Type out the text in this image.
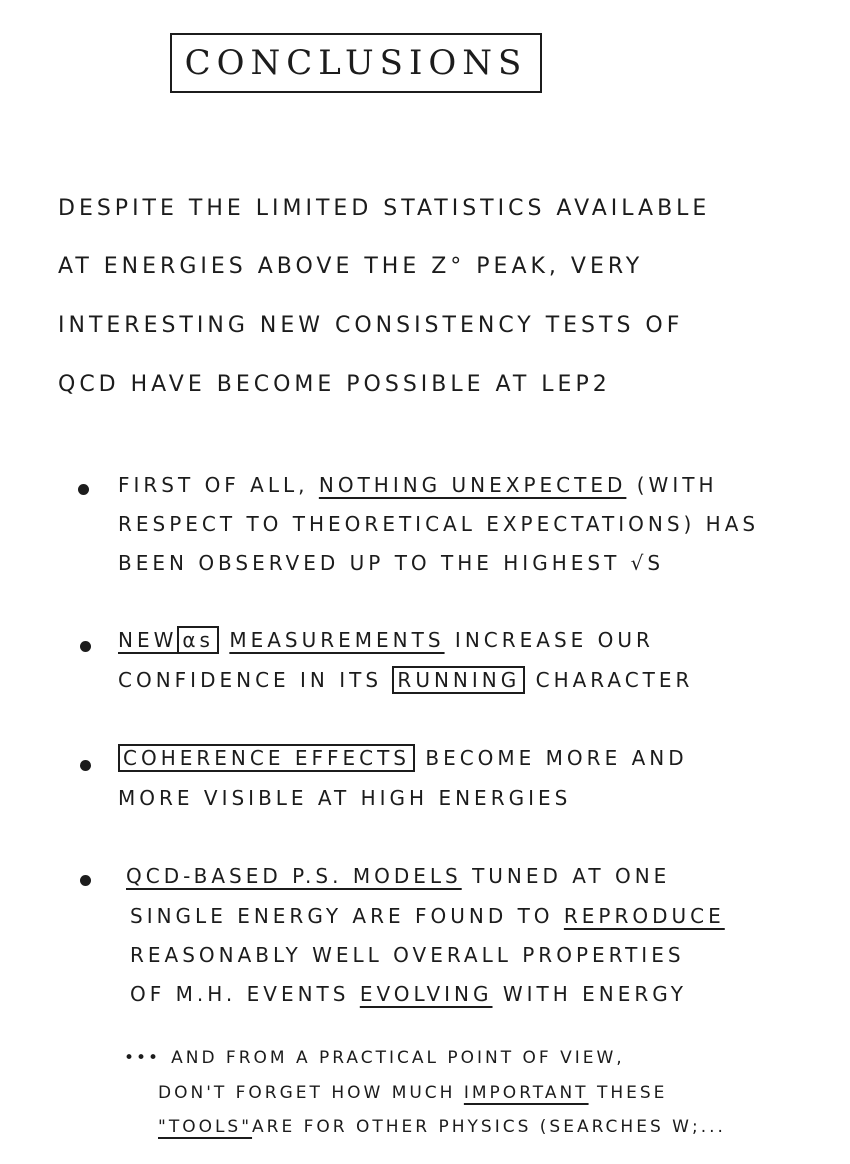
CONCLUSIONS
DESPITE THE LIMITED STATISTICS AVAILABLE
AT ENERGIES ABOVE THE Z° PEAK, VERY
INTERESTING NEW CONSISTENCY TESTS OF
QCD HAVE BECOME POSSIBLE AT LEP2
FIRST OF ALL, NOTHING UNEXPECTED (WITH
RESPECT TO THEORETICAL EXPECTATIONS) HAS
BEEN OBSERVED UP TO THE HIGHEST √S
NEW αs MEASUREMENTS INCREASE OUR
CONFIDENCE IN ITS RUNNING CHARACTER
COHERENCE EFFECTS BECOME MORE AND
MORE VISIBLE AT HIGH ENERGIES
QCD-BASED P.S. MODELS TUNED AT ONE
SINGLE ENERGY ARE FOUND TO REPRODUCE
REASONABLY WELL OVERALL PROPERTIES
OF M.H. EVENTS EVOLVING WITH ENERGY
••• AND FROM A PRACTICAL POINT OF VIEW,
DON'T FORGET HOW MUCH IMPORTANT THESE
"TOOLS"ARE FOR OTHER PHYSICS (SEARCHES W;...
